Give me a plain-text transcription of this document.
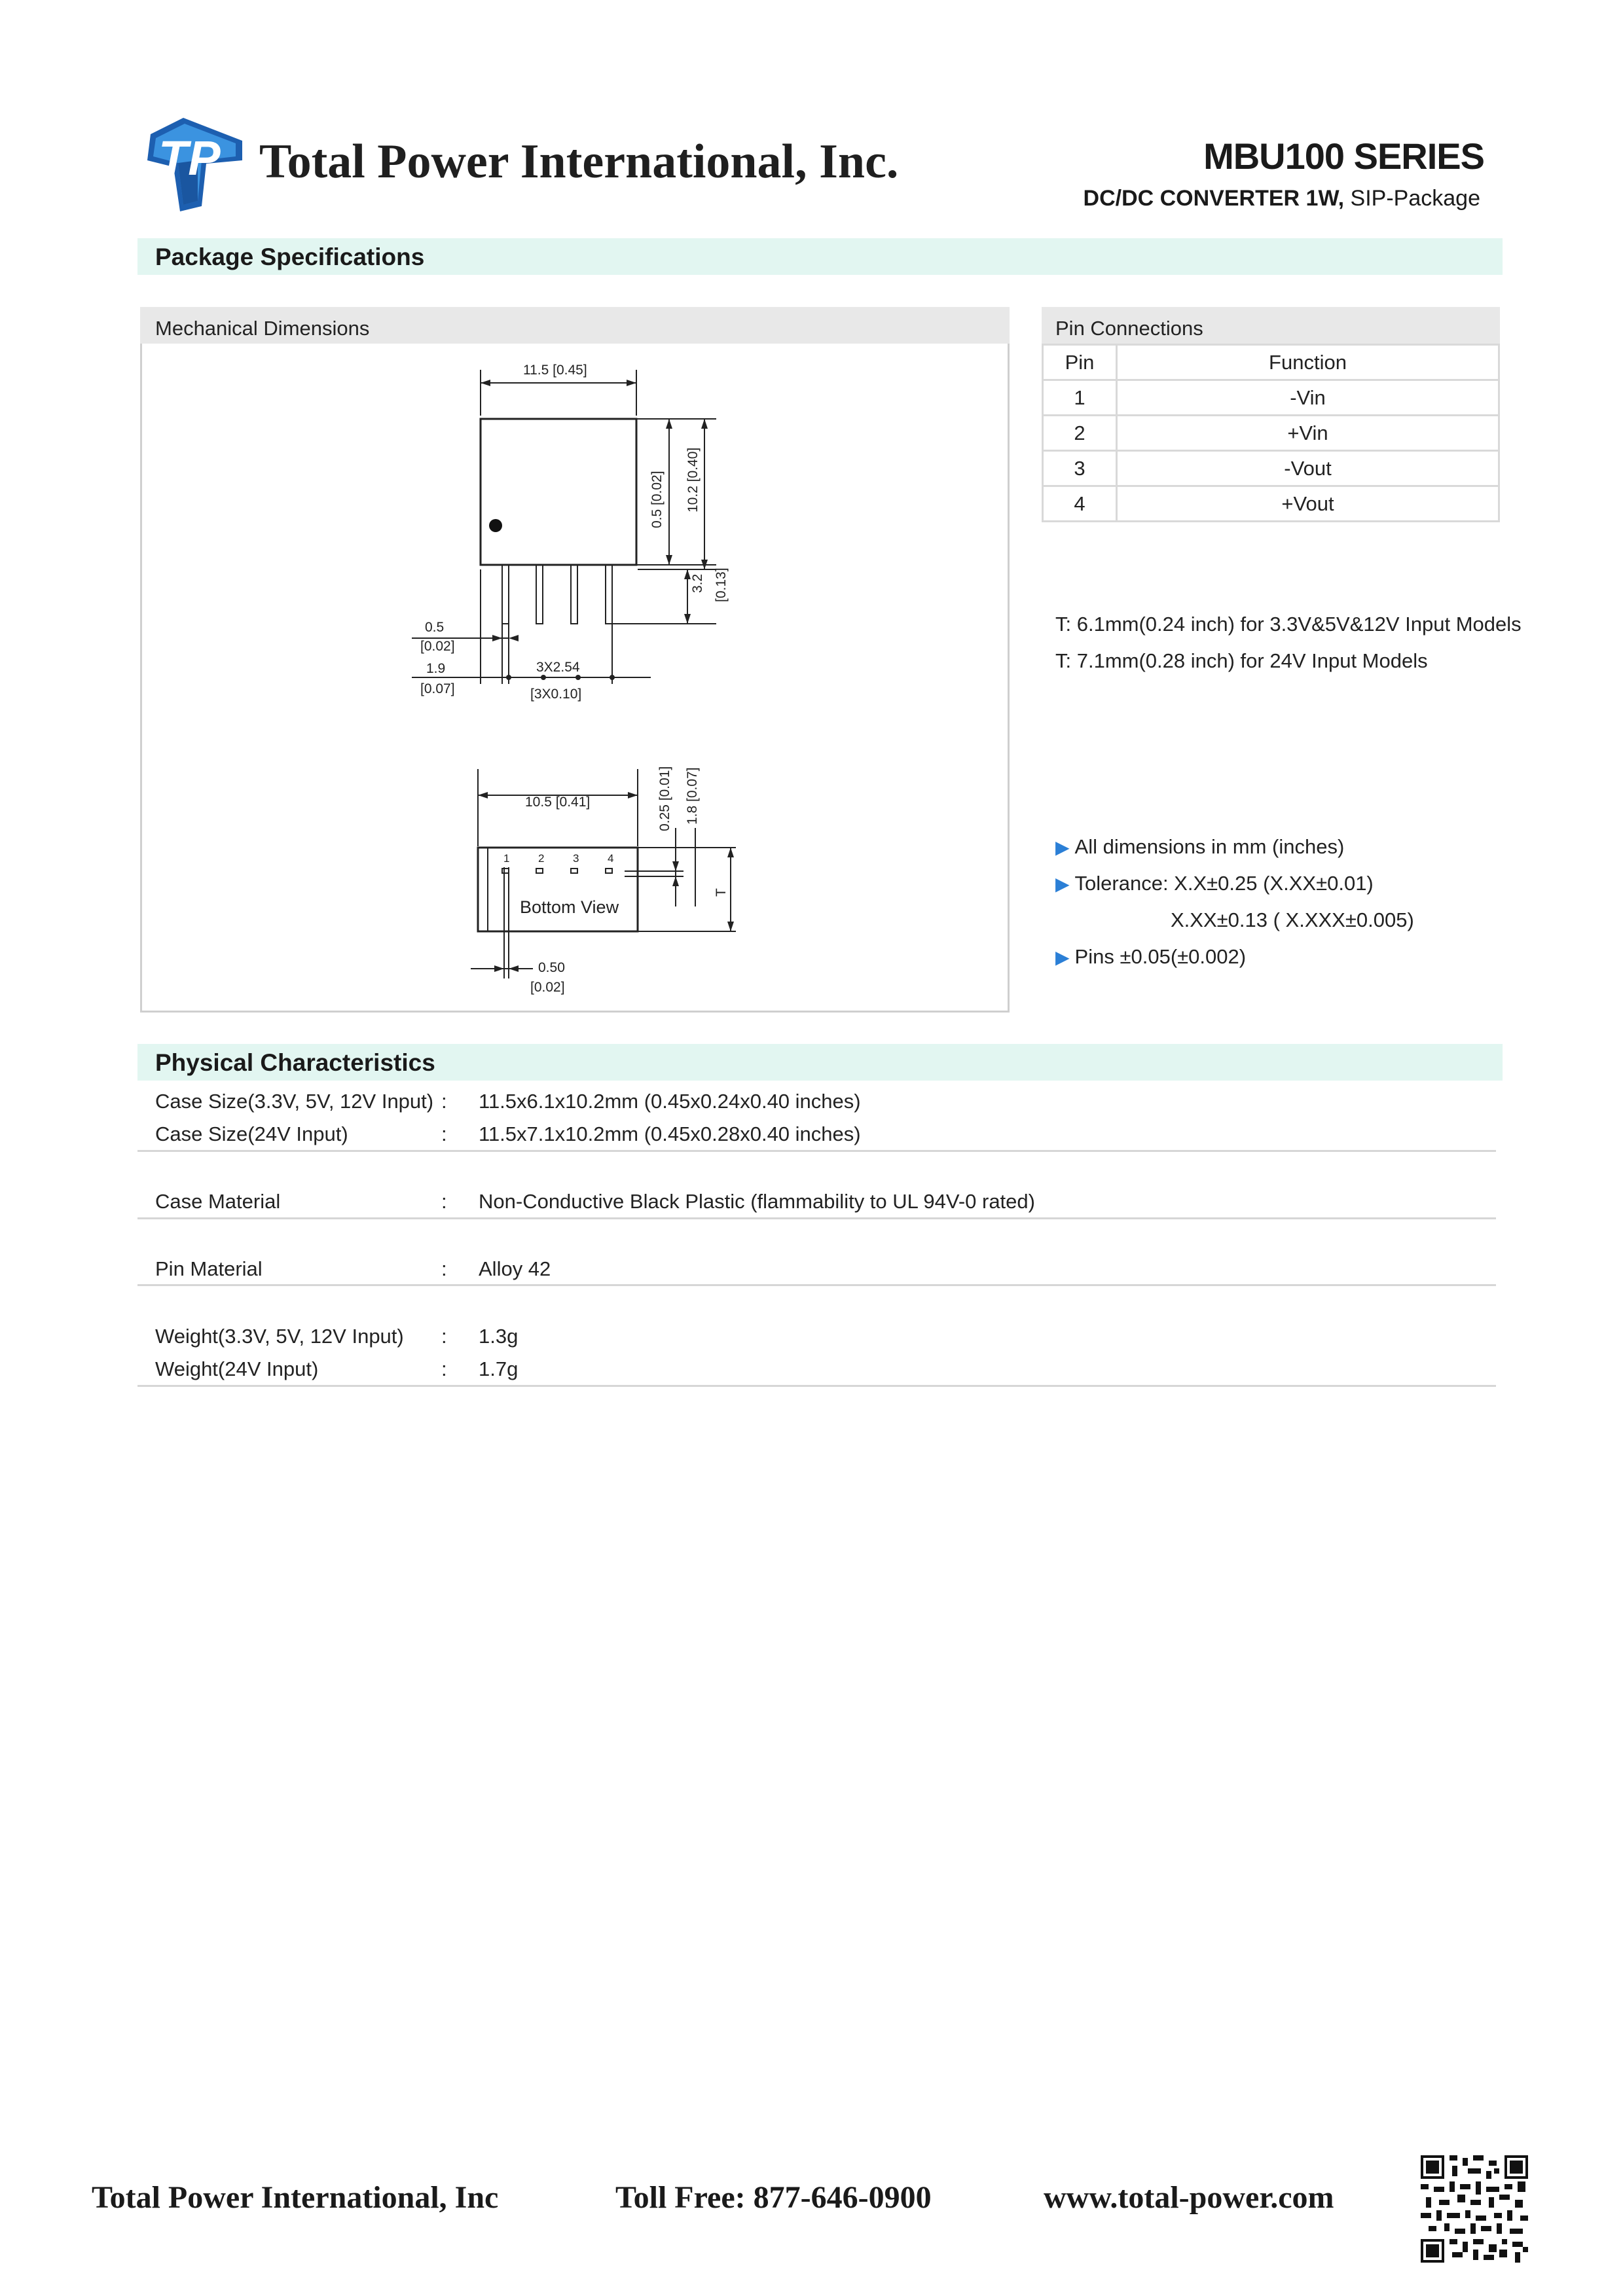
TP Total Power International, Inc.	MBU100 SERIES
DC/DC CONVERTER 1W, SIP-Package
Package Specifications
Mechanical Dimensions
11.5 [0.45]
0.5 [0.02] 10.2 [0.40]
3.2 [0.13]
0.5
[0.02]
1.9
[0.07]
3X2.54
[3X0.10]
10.5 [0.41]	0.25 [0.01] 1.8 [0.07]
T
0.50
[0.02]
1	2	3	4
Bottom View
Pin Connections
Pin	Function
1	-Vin
2	+Vin
3	-Vout
4	+Vout
T: 6.1mm(0.24 inch) for 3.3V&5V&12V Input Models
T: 7.1mm(0.28 inch) for 24V Input Models
▶ All dimensions in mm (inches)
▶ Tolerance: X.X±0.25 (X.XX±0.01)
X.XX±0.13 ( X.XXX±0.005)
▶ Pins ±0.05(±0.002)
Physical Characteristics
Case Size(3.3V, 5V, 12V Input) : 11.5x6.1x10.2mm (0.45x0.24x0.40 inches)
Case Size(24V Input)	: 11.5x7.1x10.2mm (0.45x0.28x0.40 inches)
Case Material	: Non-Conductive Black Plastic (flammability to UL 94V-0 rated)
Pin Material	: Alloy 42
Weight(3.3V, 5V, 12V Input) : 1.3g
Weight(24V Input)	: 1.7g
Total Power International, Inc	Toll Free: 877-646-0900	www.total-power.com
